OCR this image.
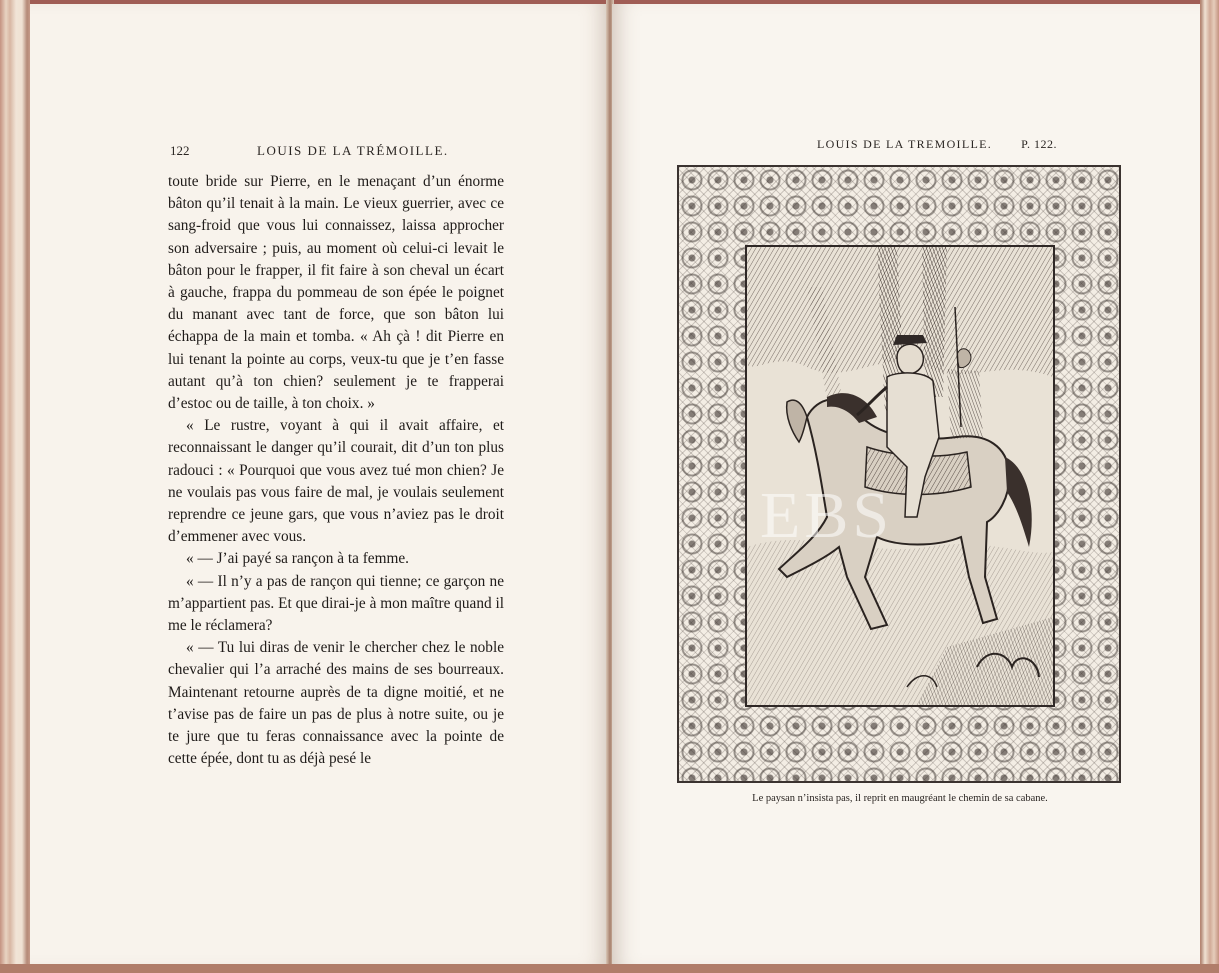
122	LOUIS DE LA TRÉMOILLE.

toute bride sur Pierre, en le menaçant d’un énorme bâton qu’il tenait à la main. Le vieux guerrier, avec ce sang-froid que vous lui connaissez, laissa approcher son adversaire ; puis, au moment où celui-ci levait le bâton pour le frapper, il fit faire à son cheval un écart à gauche, frappa du pommeau de son épée le poignet du manant avec tant de force, que son bâton lui échappa de la main et tomba. « Ah çà ! dit Pierre en lui tenant la pointe au corps, veux-tu que je t’en fasse autant qu’à ton chien? seulement je te frapperai d’estoc ou de taille, à ton choix. »

« Le rustre, voyant à qui il avait affaire, et reconnaissant le danger qu’il courait, dit d’un ton plus radouci : « Pourquoi que vous avez tué mon chien? Je ne voulais pas vous faire de mal, je voulais seulement reprendre ce jeune gars, que vous n’aviez pas le droit d’emmener avec vous.

« — J’ai payé sa rançon à ta femme.

« — Il n’y a pas de rançon qui tienne; ce garçon ne m’appartient pas. Et que dirai-je à mon maître quand il me le réclamera?

« — Tu lui diras de venir le chercher chez le noble chevalier qui l’a arraché des mains de ses bourreaux. Maintenant retourne auprès de ta digne moitié, et ne t’avise pas de faire un pas de plus à notre suite, ou je te jure que tu feras connaissance avec la pointe de cette épée, dont tu as déjà pesé le

LOUIS DE LA TREMOILLE. P. 122.
EBS
Le paysan n’insista pas, il reprit en maugréant le chemin de sa cabane.
